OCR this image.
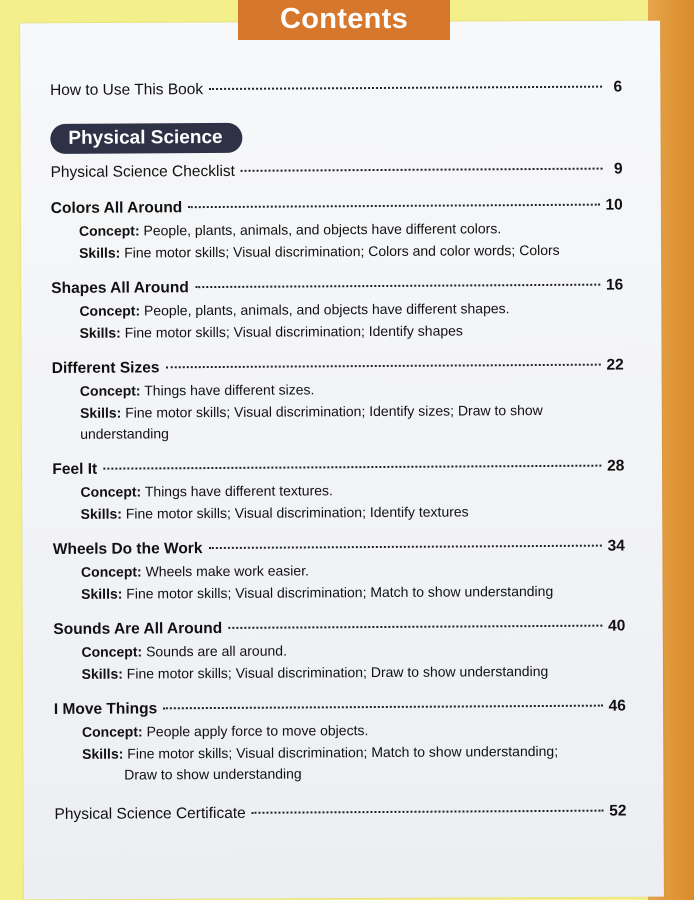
Contents
How to Use This Book	6
Physical Science
Physical Science Checklist	9
Colors All Around	10
Concept: People, plants, animals, and objects have different colors.
Skills: Fine motor skills; Visual discrimination; Colors and color words; Colors
Shapes All Around	16
Concept: People, plants, animals, and objects have different shapes.
Skills: Fine motor skills; Visual discrimination; Identify shapes
Different Sizes	22
Concept: Things have different sizes.
Skills: Fine motor skills; Visual discrimination; Identify sizes; Draw to show
understanding
Feel It	28
Concept: Things have different textures.
Skills: Fine motor skills; Visual discrimination; Identify textures
Wheels Do the Work	34
Concept: Wheels make work easier.
Skills: Fine motor skills; Visual discrimination; Match to show understanding
Sounds Are All Around	40
Concept: Sounds are all around.
Skills: Fine motor skills; Visual discrimination; Draw to show understanding
I Move Things	46
Concept: People apply force to move objects.
Skills: Fine motor skills; Visual discrimination; Match to show understanding;
Draw to show understanding
Physical Science Certificate	52
